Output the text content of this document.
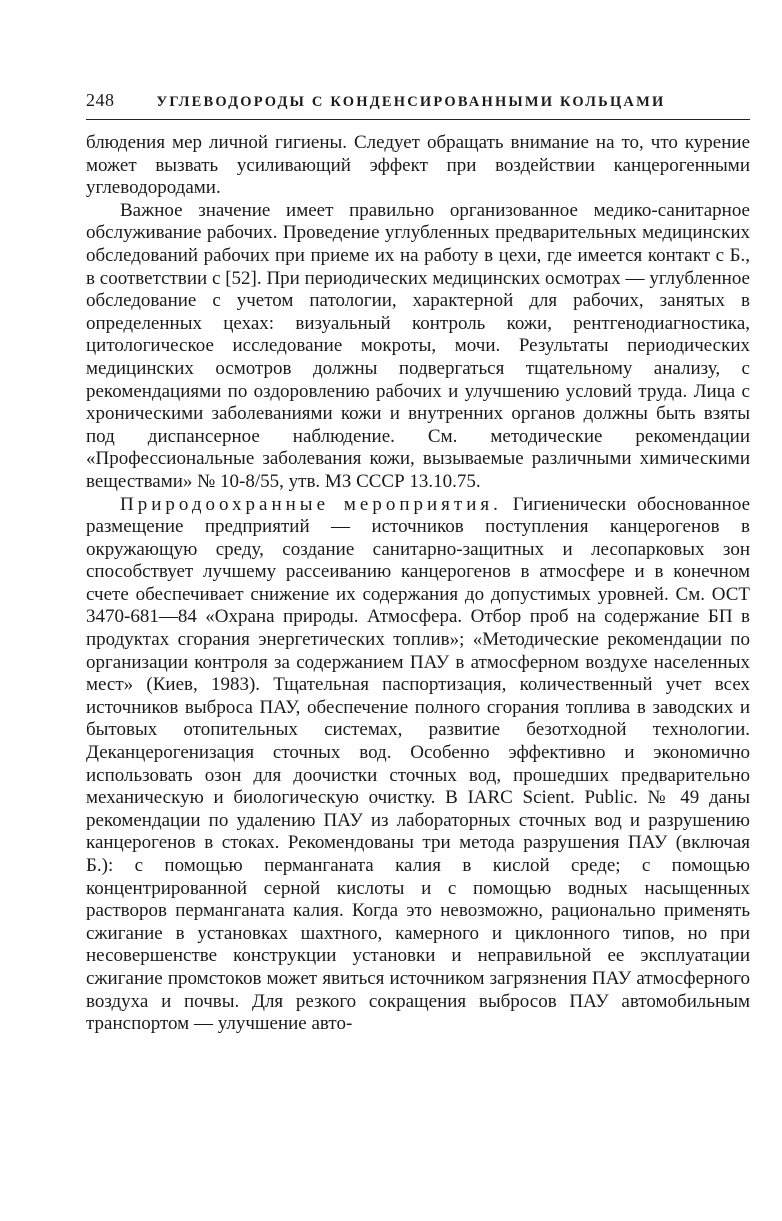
248	УГЛЕВОДОРОДЫ С КОНДЕНСИРОВАННЫМИ КОЛЬЦАМИ

блюдения мер личной гигиены. Следует обращать внимание на то, что курение может вызвать усиливающий эффект при воздействии канцерогенными углеводородами.

Важное значение имеет правильно организованное медико-санитарное обслуживание рабочих. Проведение углубленных предварительных медицинских обследований рабочих при приеме их на работу в цехи, где имеется контакт с Б., в соответствии с [52]. При периодических медицинских осмотрах — углубленное обследование с учетом патологии, характерной для рабочих, занятых в определенных цехах: визуальный контроль кожи, рентгенодиагностика, цитологическое исследование мокроты, мочи. Результаты периодических медицинских осмотров должны подвергаться тщательному анализу, с рекомендациями по оздоровлению рабочих и улучшению условий труда. Лица с хроническими заболеваниями кожи и внутренних органов должны быть взяты под диспансерное наблюдение. См. методические рекомендации «Профессиональные заболевания кожи, вызываемые различными химическими веществами» № 10-8/55, утв. МЗ СССР 13.10.75.

Природоохранные мероприятия. Гигиенически обоснованное размещение предприятий — источников поступления канцерогенов в окружающую среду, создание санитарно-защитных и лесопарковых зон способствует лучшему рассеиванию канцерогенов в атмосфере и в конечном счете обеспечивает снижение их содержания до допустимых уровней. См. ОСТ 3470-681—84 «Охрана природы. Атмосфера. Отбор проб на содержание БП в продуктах сгорания энергетических топлив»; «Методические рекомендации по организации контроля за содержанием ПАУ в атмосферном воздухе населенных мест» (Киев, 1983). Тщательная паспортизация, количественный учет всех источников выброса ПАУ, обеспечение полного сгорания топлива в заводских и бытовых отопительных системах, развитие безотходной технологии. Деканцерогенизация сточных вод. Особенно эффективно и экономично использовать озон для доочистки сточных вод, прошедших предварительно механическую и биологическую очистку. В IARC Scient. Public. № 49 даны рекомендации по удалению ПАУ из лабораторных сточных вод и разрушению канцерогенов в стоках. Рекомендованы три метода разрушения ПАУ (включая Б.): с помощью перманганата калия в кислой среде; с помощью концентрированной серной кислоты и с помощью водных насыщенных растворов перманганата калия. Когда это невозможно, рационально применять сжигание в установках шахтного, камерного и циклонного типов, но при несовершенстве конструкции установки и неправильной ее эксплуатации сжигание промстоков может явиться источником загрязнения ПАУ атмосферного воздуха и почвы. Для резкого сокращения выбросов ПАУ автомобильным транспортом — улучшение авто-
